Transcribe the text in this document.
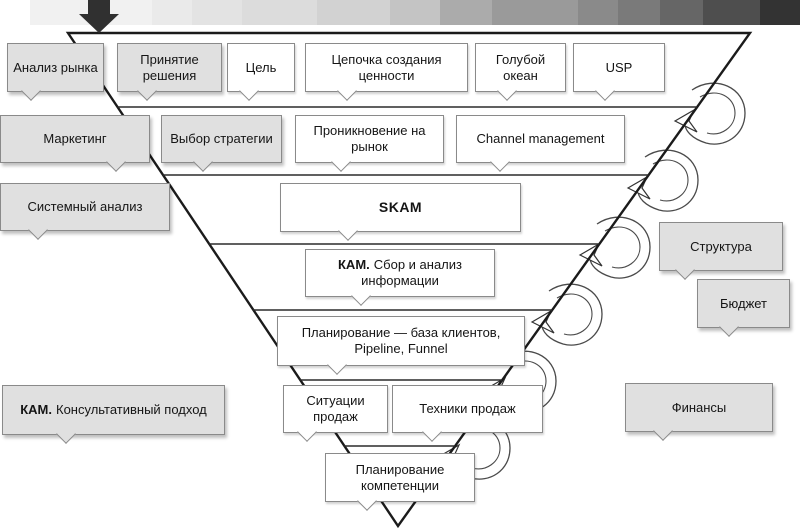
Анализ рынка
Принятие решения
Цель
Цепочка создания ценности
Голубой океан
USP
Маркетинг	Выбор стратегии
Проникновение на рынок
Channel management
Системный анализ	SKAM
КАМ. Сбор и анализ информации
Структура
Бюджет
Планирование — база клиентов, Pipeline, Funnel
КАМ. Консультативный подход
Ситуации продаж
Техники продаж	Финансы
Планирование компетенции
